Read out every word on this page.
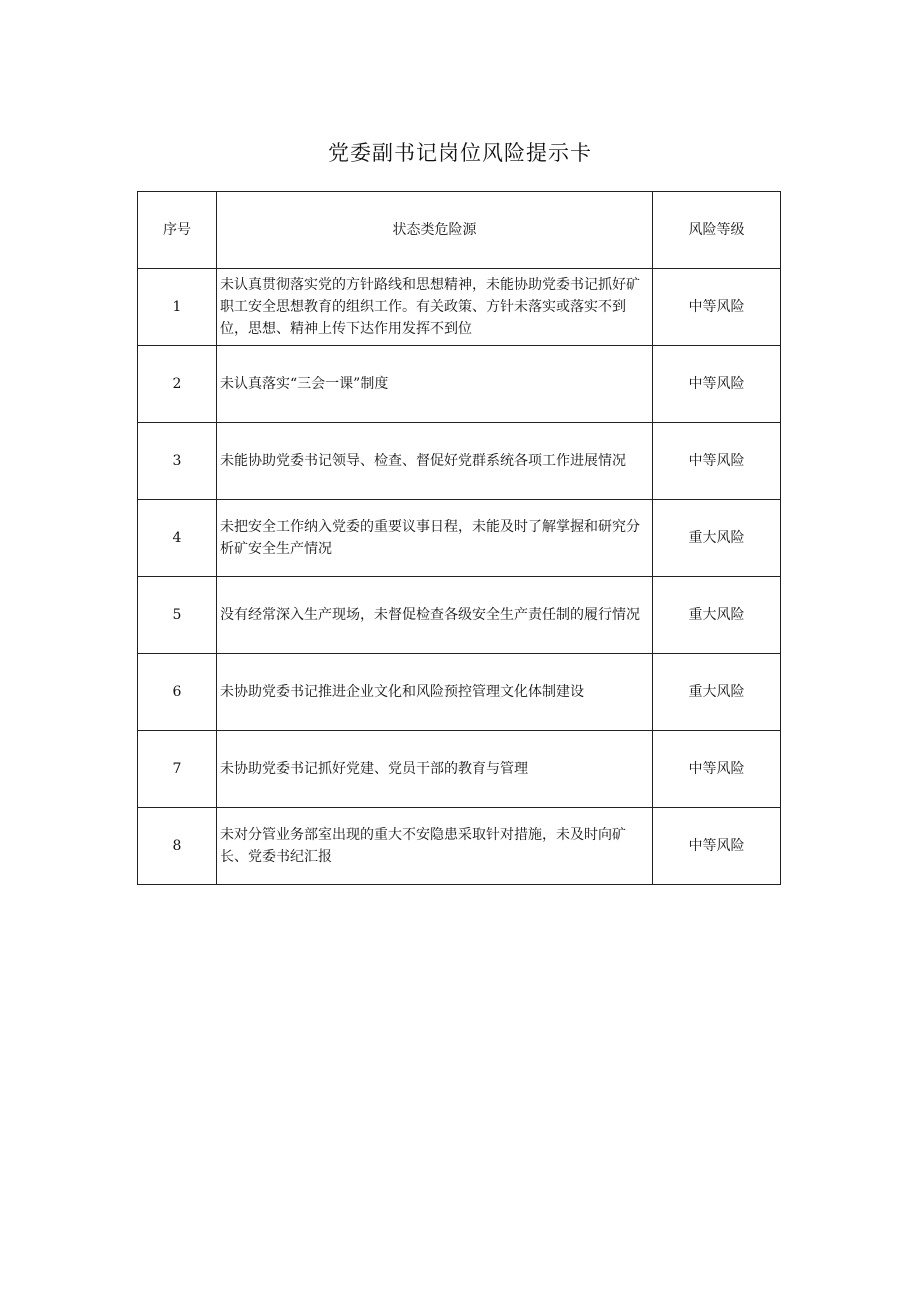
党委副书记岗位风险提示卡
序号	状态类危险源	风险等级
1	未认真贯彻落实党的方针路线和思想精神，未能协助党委书记抓好矿职工安全思想教育的组织工作。有关政策、方针未落实或落实不到位，思想、精神上传下达作用发挥不到位	中等风险
2	未认真落实“三会一课”制度	中等风险
3	未能协助党委书记领导、检查、督促好党群系统各项工作进展情况	中等风险
4	未把安全工作纳入党委的重要议事日程，未能及时了解掌握和研究分析矿安全生产情况	重大风险
5	没有经常深入生产现场，未督促检查各级安全生产责任制的履行情况	重大风险
6	未协助党委书记推进企业文化和风险预控管理文化体制建设	重大风险
7	未协助党委书记抓好党建、党员干部的教育与管理	中等风险
8	未对分管业务部室出现的重大不安隐患采取针对措施，未及时向矿长、党委书纪汇报	中等风险
